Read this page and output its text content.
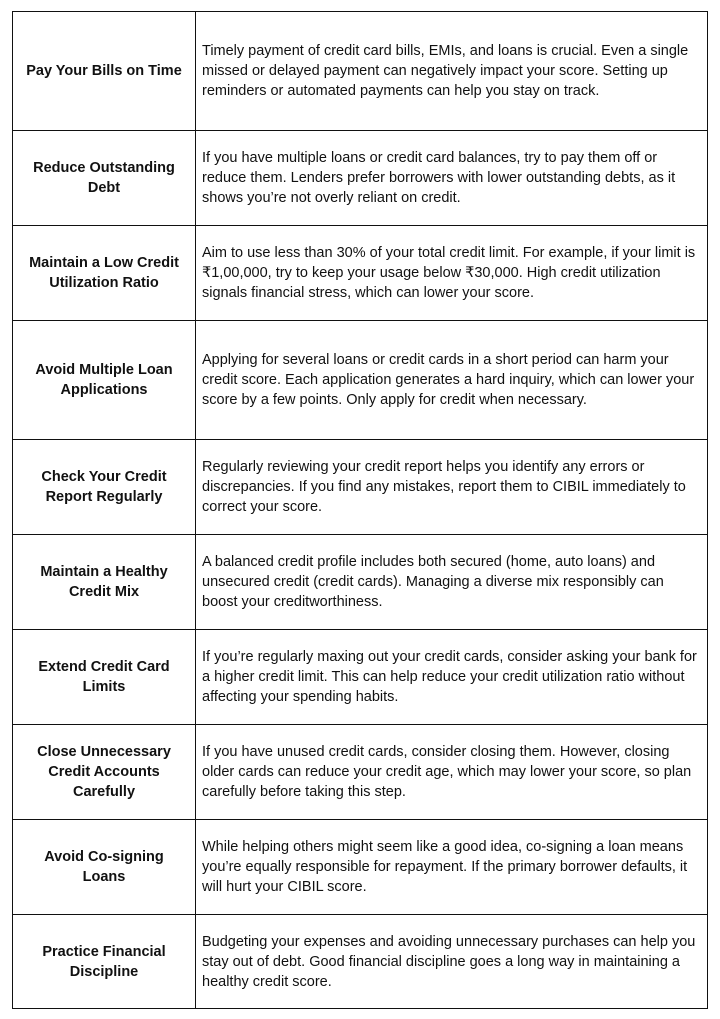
Pay Your Bills on Time
Timely payment of credit card bills, EMIs, and loans is crucial. Even a single missed or delayed payment can negatively impact your score. Setting up reminders or automated payments can help you stay on track.
Reduce Outstanding Debt
If you have multiple loans or credit card balances, try to pay them off or reduce them. Lenders prefer borrowers with lower outstanding debts, as it shows you’re not overly reliant on credit.
Maintain a Low Credit Utilization Ratio
Aim to use less than 30% of your total credit limit. For example, if your limit is ₹1,00,000, try to keep your usage below ₹30,000. High credit utilization signals financial stress, which can lower your score.
Avoid Multiple Loan Applications
Applying for several loans or credit cards in a short period can harm your credit score. Each application generates a hard inquiry, which can lower your score by a few points. Only apply for credit when necessary.
Check Your Credit Report Regularly
Regularly reviewing your credit report helps you identify any errors or discrepancies. If you find any mistakes, report them to CIBIL immediately to correct your score.
Maintain a Healthy Credit Mix
A balanced credit profile includes both secured (home, auto loans) and unsecured credit (credit cards). Managing a diverse mix responsibly can boost your creditworthiness.
Extend Credit Card Limits
If you’re regularly maxing out your credit cards, consider asking your bank for a higher credit limit. This can help reduce your credit utilization ratio without affecting your spending habits.
Close Unnecessary Credit Accounts Carefully
If you have unused credit cards, consider closing them. However, closing older cards can reduce your credit age, which may lower your score, so plan carefully before taking this step.
Avoid Co-signing Loans
While helping others might seem like a good idea, co-signing a loan means you’re equally responsible for repayment. If the primary borrower defaults, it will hurt your CIBIL score.
Practice Financial Discipline
Budgeting your expenses and avoiding unnecessary purchases can help you stay out of debt. Good financial discipline goes a long way in maintaining a healthy credit score.
